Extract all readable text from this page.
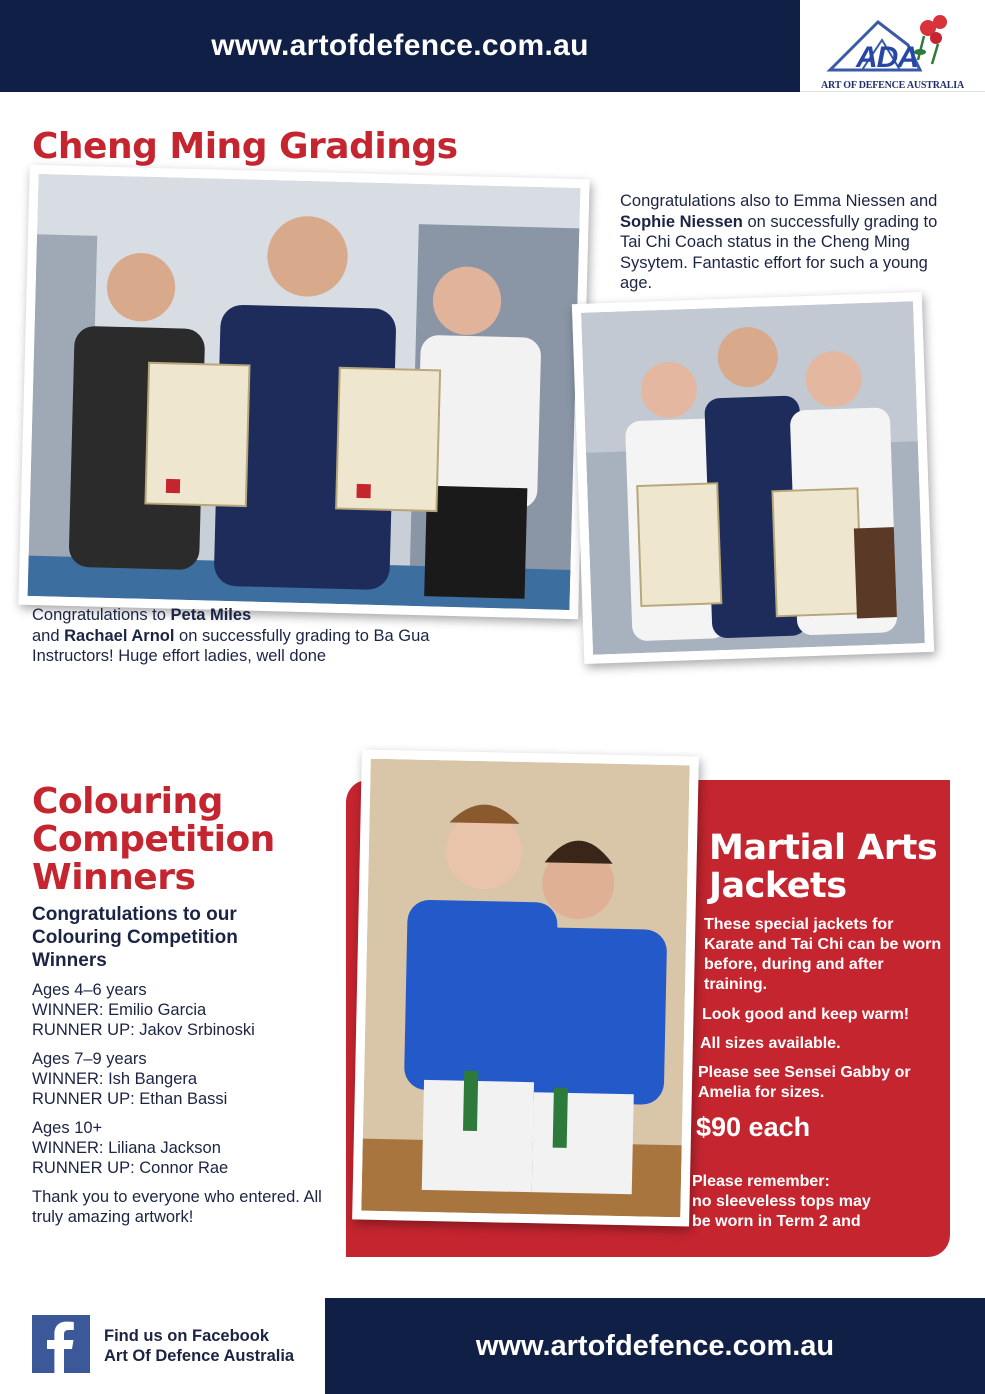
www.artofdefence.com.au	ADA
ART OF DEFENCE AUSTRALIA
Cheng Ming Gradings
Congratulations also to Emma Niessen and Sophie Niessen on successfully grading to Tai Chi Coach status in the Cheng Ming Sysytem. Fantastic effort for such a young age.
Congratulations to Peta Miles
and Rachael Arnol on successfully grading to Ba Gua Instructors! Huge effort ladies, well done
Colouring
Competition
Winners
Congratulations to our Colouring Competition Winners
Ages 4–6 years
WINNER: Emilio Garcia
RUNNER UP: Jakov Srbinoski
Ages 7–9 years
WINNER: Ish Bangera
RUNNER UP: Ethan Bassi
Ages 10+
WINNER: Liliana Jackson
RUNNER UP: Connor Rae
Thank you to everyone who entered. All truly amazing artwork!
Martial Arts
Jackets
These special jackets for Karate and Tai Chi can be worn before, during and after training.
Look good and keep warm!
All sizes available.
Please see Sensei Gabby or Amelia for sizes.
$90 each
Please remember:
no sleeveless tops may
be worn in Term 2 and
Find us on Facebook
Art Of Defence Australia	www.artofdefence.com.au
